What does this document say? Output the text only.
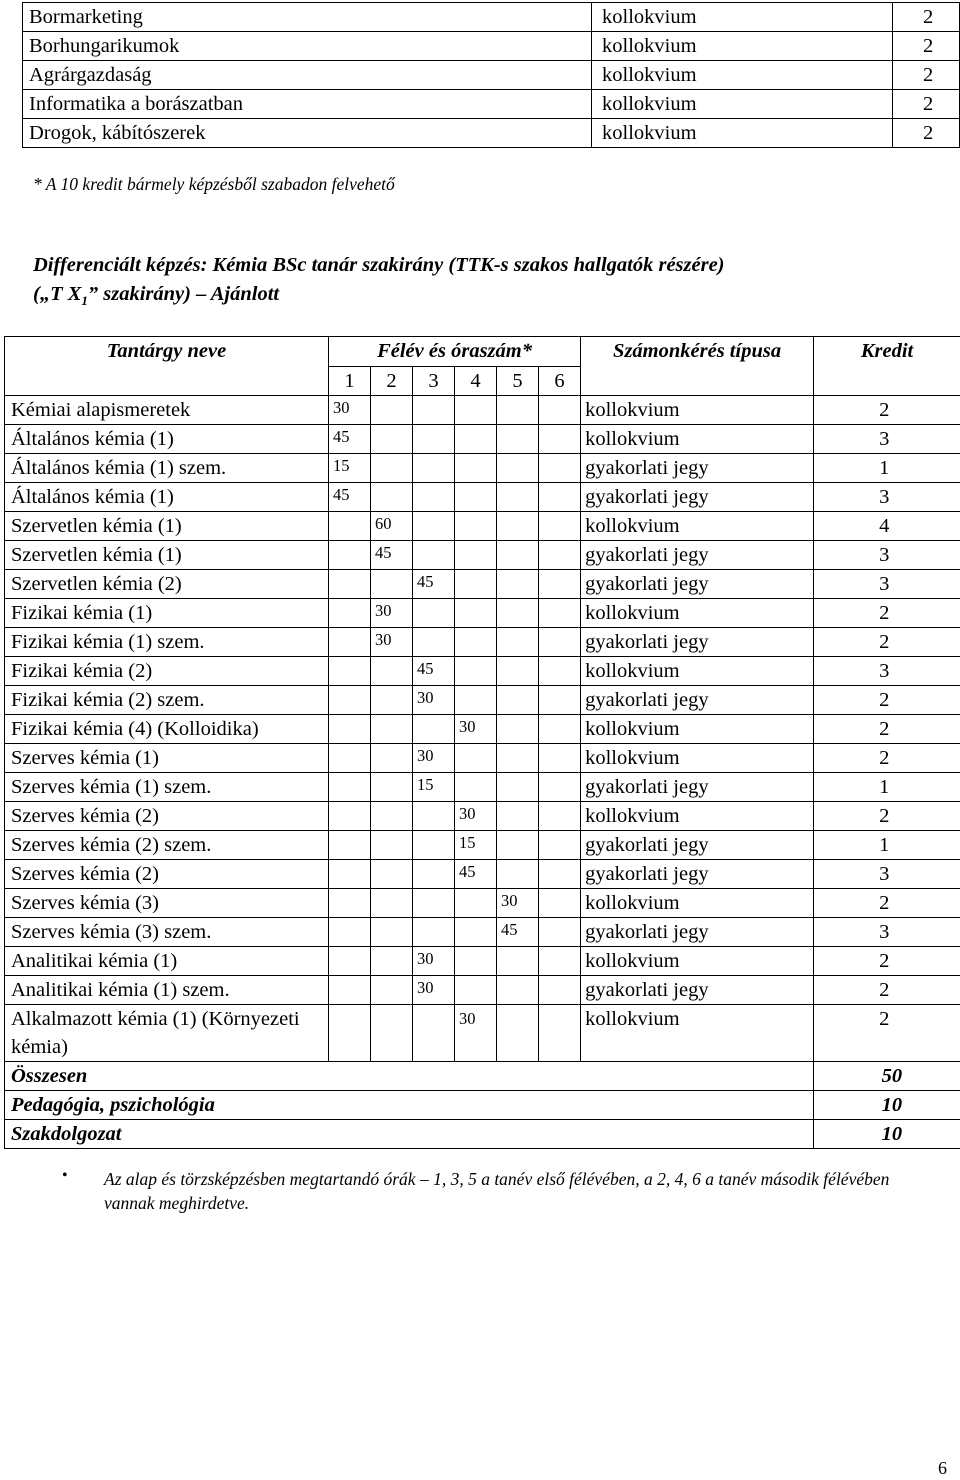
Bormarketing	kollokvium	2
Borhungarikumok	kollokvium	2
Agrárgazdaság	kollokvium	2
Informatika a borászatban	kollokvium	2
Drogok, kábítószerek	kollokvium	2
* A 10 kredit bármely képzésből szabadon felvehető
Differenciált képzés: Kémia BSc tanár szakirány (TTK-s szakos hallgatók részére)
(„T $X_1$” szakirány) – Ajánlott
Tantárgy neve	Félév és óraszám*						Számonkérés típusa	Kredit
	1	2	3	4	5	6		
Kémiai alapismeretek	30						kollokvium	2
Általános kémia (1)	45						kollokvium	3
Általános kémia (1) szem.	15						gyakorlati jegy	1
Általános kémia (1)	45						gyakorlati jegy	3
Szervetlen kémia (1)		60					kollokvium	4
Szervetlen kémia (1)		45					gyakorlati jegy	3
Szervetlen kémia (2)			45				gyakorlati jegy	3
Fizikai kémia (1)		30					kollokvium	2
Fizikai kémia (1) szem.		30					gyakorlati jegy	2
Fizikai kémia (2)			45				kollokvium	3
Fizikai kémia (2) szem.			30				gyakorlati jegy	2
Fizikai kémia (4) (Kolloidika)				30			kollokvium	2
Szerves kémia (1)			30				kollokvium	2
Szerves kémia (1) szem.			15				gyakorlati jegy	1
Szerves kémia (2)				30			kollokvium	2
Szerves kémia (2) szem.				15			gyakorlati jegy	1
Szerves kémia (2)				45			gyakorlati jegy	3
Szerves kémia (3)					30		kollokvium	2
Szerves kémia (3) szem.					45		gyakorlati jegy	3
Analitikai kémia (1)			30				kollokvium	2
Analitikai kémia (1) szem.			30				gyakorlati jegy	2
Alkalmazott kémia (1) (Környezeti kémia)				30			kollokvium	2
Összesen								50
Pedagógia, pszichológia								10
Szakdolgozat								10
• Az alap és törzsképzésben megtartandó órák – 1, 3, 5 a tanév első félévében, a 2, 4, 6 a tanév második félévében vannak meghirdetve.
6
